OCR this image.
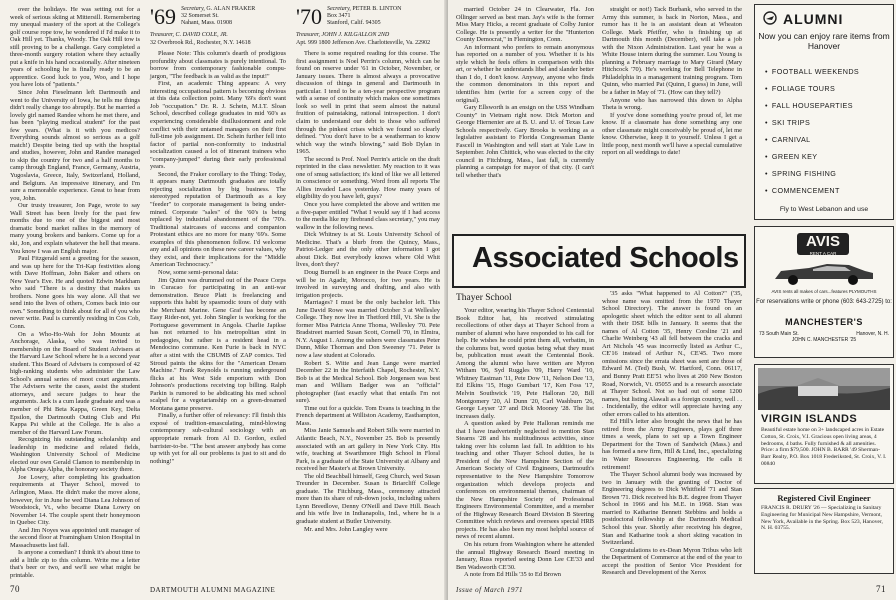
over the holidays. He was setting out for a week of serious skiing at Mittersill. Remembering my unequal mastery of the sport at the College's golf course rope tow, he wondered if I'd make it to Oak Hill yet. Thanks, Woody. The Oak Hill tow is still proving to be a challenge. Gary completed a three-month surgery rotation where they actually put a knife in his hand occasionally. After nineteen years of schooling he is finally ready to be an apprentice. Good luck to you, Woo, and I hope you have lots of "patients."

Since John Fieselmann left Dartmouth and went to the University of Iowa, he tells me things didn't really change too abruptly. But he married a lovely girl named Randee whom he met there, and has been "playing medical student" for the past few years. (What is it with you medicos? Everything sounds almost so serious as a golf match!) Despite being tied up with the hospital and studies, however, John and Randee managed to skip the country for two and a half months to camp through England, France, Germany, Austria, Yugoslavia, Greece, Italy, Switzerland, Holland, and Belgium. An impressive itinerary, and I'm sure a memorable experience. Great to hear from you, John.

Our trusty treasurer, Jon Page, wrote to say Wall Street has been lively for the past few months due to one of the biggest and most dramatic bond market rallies in the memory of many young brokers and bankers. Come up for a ski, Jon, and explain whatever the hell that means. You know I was an English major.

Paul Fitzgerald sent a greeting for the season, and was up here for the Tri-Kap festivities along with Dave Hoffman, John Baker and others on New Year's Eve. He and quoted Edwin Markham who said "There is a destiny that makes us brothers. None goes his way alone. All that we send into the lives of others, Comes back into our own." Something to think about for all of you who never write. Paul is currently residing in Cos Cob, Conn.

On a Who-Ho-Wah for John Mountz at Anchorage, Alaska, who was invited to membership on the Board of Student Advisers at the Harvard Law School where he is a second year student. This Board of Advisers is composed of 42 high-ranking students who administer the Law School's annual series of moot court arguments. The Advisers write the cases, assist the student attorneys, and secure judges to hear the arguments. Jack is a cum laude graduate and was a member of Phi Beta Kappa, Green Key, Delta Epsilon, the Dartmouth Outing Club and Phi Kappa Psi while at the College. He is also a member of the Harvard Law Forum.

Recognizing his outstanding scholarship and leadership in medicine and related fields, Washington University School of Medicine elected our own Gerald Clamon to membership in Alpha Omega Alpha, the honorary society there.

Joe Lowry, after completing his graduation requirements at Thayer School, moved to Arlington, Mass. He didn't make the move alone, however, for in June he wed Diana Lea Johnson of Woodstock, Vt., who became Diana Lowry on November 14. The couple spent their honeymoon in Quebec City.

And Jim Noyes was appointed unit manager of the second floor at Framingham Union Hospital in Massachusetts last fall.

Is anyone a comedian? I think it's about time to add a little zip to this column. Write me a letter that's beer or two, and we'll see what might be printable.

'69 Secretary, G. ALAN FRAKER
32 Somerset St.
Nahant, Mass. 01908

Treasurer, C. DAVID COLE, JR.

32 Overbrook Rd., Rochester, N.Y. 14618

Please Note: This column's dearth of prodigious profundity about classmates is purely intentional. To borrow from contemporary fashionable compu-jargon, "The feedback is as valid as the input!"

First, an academic Thing appears: A very interesting occupational pattern is becoming obvious at this data collection point. Many '69's don't want Job "occupation." Dr. R. J. Schein, M.I.T. Sloan School, described college graduates in mid '60's as experiencing considerable disillusionment and role conflict with their untamed managers on their first full-time job assignment. Dr. Schein further fell into factor of partial non-conformity to industrial socialization caused a lot of itinerant trainees who "company-jumped" during their early professional years.

Second, the Fraker corollary to the Thing: Today, it appears many Dartmouth graduates are totally rejecting socialization by big business. The stereotyped reputation of Dartmouth as a key "feeder" to corporate management is being under-mined. Corporate "sales" of the '60's is being replaced by industrial abandonment of the '70's. Traditional staircases of success and companion Protestant ethics are no more for many '69's. Some examples of this phenomenon follow. I'd welcome any and all opinions on these new career values, why they exist, and their implications for the "Middle American Technocracy."

Now, some semi-personal data:

Jim Quinn was drummed out of the Peace Corps in Curacao for participating in an anti-war demonstration. Bruce Platt is freelancing and supports this habit by spasmodic tours of duty with the Merchant Marine. Gene Graf has become an Easy Rider-not, yet. John Singler is working for the Portuguese government in Angola. Charlie Japikse has not returned to his metropolitan stint in pedagogies, but rather is a resident head in a Mendocino commune. Ken Furie is back in NYC after a stint with the CBUMB of ZAP comics. Ted Stroud paints the skins for the "American Dream Machine." Frank Reynolds is running underground flicks at his West Side emporium with Don Johnson's productions receiving top billing. Ralph Parkin is rumored to be abdicating his med school scalpel for a vegetarianship on a green-dreamed Montana game preserve.

Finally, a further offer of relevancy: I'll finish this exposé of tradition-emasculating, mind-blowing contemporary sub-cultural sociology with an appropriate remark from Al D. Gordon, exiled barrister-to-be. "The best answer anybody has come up with yet for all our problems is just to sit and do nothing!"

'70 Secretary, PETER B. LINTON
Box 3471
Stanford, Calif. 94305

Treasurer, JOHN J. KILGALLON 2ND

Apt. 999 1800 Jefferson Ave. Charlottesville, Va. 22902

There is some required reading for this course. The first assignment is Noel Perrin's column, which can be found on reserve under '61 in October, November, or January issues. There is almost always a provocative discussion of things in general and Dartmouth in particular. I tend to be a ten-year perspective program with a sense of continuity which makes one sometimes look so well in print that seem almost the natural fruition of painstaking, rational introspection. I don't claim to understand our debt to those who suffered through the pinkest crises which we found so clearly defined. "You don't have to be a weatherman to know which way the wind's blowing," said Bob Dylan in 1965.

The second is Prof. Noel Perrin's article on the draft reprinted in the class newsletter. My reaction to it was one of smug satisfaction; it's kind of like we all lettered in conscience or something. Word from all reports The Allies invaded Laos yesterday. How many years of eligibility do you have left, guys?

Once you have completed the above and written me a five-paper entitled "What I would say if I had access to the media like my firebrand class secretary," you may wallow in the following news.

Dick Whitney is at St. Louis University School of Medicine. That's a blurb from the Quincy, Mass., Patriot-Ledger and the only other information I got about Dick. But everybody knows where Old Whit lives, don't they?

Doug Burnell is an engineer in the Peace Corps and will be in Agadir, Morocco, for two years. He is involved in surveying and drafting, and also with irrigation projects.

Marriages? I must be the only bachelor left. This June David Rowe was married October 3 at Wellesley College. They now live in Thetford Hill, Vt. She is the former Miss Patricia Anne Thoma, Wellesley '70. Pete Bradstreet married Susan Scott, Cornell '70, in Elmira, N.Y. August 1. Among the ushers were classmates Peter Dunn, Mike Thorman and Don Sweeney '71. Peter is now a law student at Colorado.

Robert S. Witte and Jean Lange were married December 22 in the Interfaith Chapel, Rochester, N.Y. Bob is at the Medical School. Bob Jorgensen was best man and William Badger was an "official" photographer (fast exactly what that entails I'm not sure).

Time out for a quickie. Tom Evans is teaching in the French department at Williston Academy, Easthampton, Mass.

Miss Janie Samuels and Robert Sills were married in Atlantic Beach, N.Y., November 25. Bob is presently associated with an art gallery in New York City. His wife, teaching at Swarthmore High School in Floral Park, is a graduate of the State University at Albany and received her Master's at Brown University.

The old Beachball himself, Greg Church, wed Susan Treunder in December. Susan is Briarcliff College graduate. The Fitchburg, Mass., ceremony attracted more than its share of rub-down jocks, including ushers Lynn Breedlove, Denny O'Neill and Dave Hill. Beach and his wife live in Indianapolis, Ind., where he is a graduate student at Butler University.

Mr. and Mrs. John Langley were

70	DARTMOUTH ALUMNI MAGAZINE

married October 24 in Clearwater, Fla. Jon Ollinger served as best man. Jay's wife is the former Miss Mary Hicks, a recent graduate of Colby Junior College. He is presently a writer for the "Hunterton County Democrat," in Flemington, Conn.

An informant who prefers to remain anonymous has reported on a number of you. Whether it is his style which he feels offers in comparison with this art, or whether he understands libel and slander better than I do, I don't know. Anyway, anyone who finds the common denominators in this report and identifies him (write for a screen copy of the original).

Gary Ellsworth is an ensign on the USS Windham County" in Vietnam right now. Dick Morton and George Hiernenier are at B. U. and U. of Texas Law Schools respectively. Gary Brooks is working as a legislative assistant to Florida Congressman Dante Fascell in Washington and will start at Yale Law in September. John Chittick, who was elected to the city council in Fitchburg, Mass., last fall, is currently planning a campaign for mayor of that city. (I can't tell whether that's

straight or not!) Tack Burbank, who served in the Army this summer, is back in Norton, Mass., and rumor has it he is an assistant dean at Wheaton College. Mark Pfeiffer, who is finishing up at Dartmouth this month (December), will take a job with the Nixon Administration. Last year he was a White House intern during the summer. Lou Young is planning a February marriage to Mary Girard (Mary Hitchcock '70). He's working for Bell Telephone in Philadelphia in a management training program. Tom Quinn, who married Pat (Quinn, I guess) in June, will be a father in May of '71. (How can they tell?)

Anyone who has narrowed this down to Alpha Theta is wrong.

If you've done something you're proud of, let me know. If a classmate has done something any one other classmate might conceivably be proud of, let me know. Otherwise, keep it to yourself. Unless I get a little poop, next month we'll have a special cumulative report on all weddings to date!

Associated Schools
Thayer School

Your editor, wearing his Thayer School Centennial Book Editor hat, his received stimulating recollections of other days at Thayer School from a number of alumni who have responded to his call for help. He wishes he could print them all, verbatim, in the columns but, word quotas being what they must be, publication must await the Centennial Book. Among the alumni who have written are Myron Witham '06, Syd Ruggles '09, Harry Ward '10, Whitney Eastman '11, Pete Dow '11, Nelson Dee '13, Ed Elkins '15, Hugo Gumbart '17, Ken Foss '17, Melvin Southwick '19, Pete Halloran '20, Bill Montgomery '20, Al Dunn '20, Carl Washburn '26, George Leyser '27 and Dick Mooney '28. The list increases daily.

A question asked by Pete Halloran reminds me that I have inadvertently neglected to mention Stan Stearns '28 and his multitudinous activities, since taking over his column last fall. In addition to his teaching and other Thayer School duties, he is President of the New Hampshire Section of the American Society of Civil Engineers, Dartmouth's representative to the New Hampshire Tomorrow organization which develops projects and conferences on environmental themes, chairman of the New Hampshire Society of Professional Engineers Environmental Committee, and a member of the Highway Research Board Division B Steering Committee which reviews and oversees special HRB projects. He has also been my most helpful source of news of recent alumni.

On his return from Washington where he attended the annual Highway Research Board meeting in January, Russ reported seeing Donn Lee CE'33 and Ben Wadsworth CE'30.

A note from Ed Hills '35 to Ed Brown

'35 asks "What happened to Al Cotton?" ('35, whose name was omitted from the 1970 Thayer School Directory). The answer is found on an apologetic sheet which the editor sent to all alumni with their DSE bills in January. It seems that the names of Al Cotton '35, Henry Corsline '21 and Charlie Weinberg '43 all fell between the cracks and Art Nichols '45 was incorrectly listed as Arthur C., CE'16 instead of Arthur N., CE'45. Two more omissions since the errata sheet was sent are those of Edward M. (Ted) Bush, W. Hartford, Conn. 06117, and Bunny Pratt EE'51 who lives at 260 New Boston Road, Norwich, Vt. 05055 and is a research associate at Thayer School. Not so bad out of some 1200 names, but listing Alawali as a foreign country, well . . . Incidentally, the editor will appreciate having any other errors called to his attention.

Ed Hill's letter also brought the news that he has retired from the Army Engineers, plays golf three times a week, plans to set up a Town Engineer Department for the Town of Sandwich (Mass.) and has formed a new firm, Hill & Lind, Inc., specializing in Water Resources Engineering. He calls it retirement!

The Thayer School alumni body was increased by two in January with the granting of Doctor of Engineering degrees to Dick Whitfield '71 and Stan Brown '71. Dick received his B.E. degree from Thayer School in 1966 and his M.E. in 1968. Stan was married to Katharine Bennett Stebbins and holds a postdoctoral fellowship at the Dartmouth Medical School this year. Shortly after receiving his degree, Stan and Katharine took a short skiing vacation in Switzerland.

Congratulations to ex-Dean Myron Tribus who left the Department of Commerce at the end of the year to accept the position of Senior Vice President for Research and Development of the Xerox

ALUMNI
Now you can enjoy rare items from Hanover
• FOOTBALL WEEKENDS
• FOLIAGE TOURS
• FALL HOUSEPARTIES
• SKI TRIPS
• CARNIVAL
• GREEN KEY
• SPRING FISHING
• COMMENCEMENT
Fly to West Lebanon and use
AVIS
RENT A CAR
AVIS rents all makes of cars...features PLYMOUTHS
For reservations write or phone (603: 643-2725) to:
MANCHESTER'S
73 South Main St.	Hanover, N. H.
JOHN C. MANCHESTER '25
VIRGIN ISLANDS
Beautiful estate home on 3+ landscaped acres in Estate Cotton, St. Croix, V.I. Gracious open living areas, 4 bedrooms, 4 baths. Fully furnished & all amenities. Price: a firm $79,500. JOHN B. BARR '49 Sherman-Barr Realty, P.O. Box 1018 Frederiksted, St. Croix, V. I. 00840
Registered Civil Engineer
FRANCIS R. DRURY '26 — Specializing in Sanitary Engineering for Municipal New Hampshire, Vermont, New York, Available in the Spring. Box 523, Hanover, N. H. 03755.
Issue of March 1971	71
